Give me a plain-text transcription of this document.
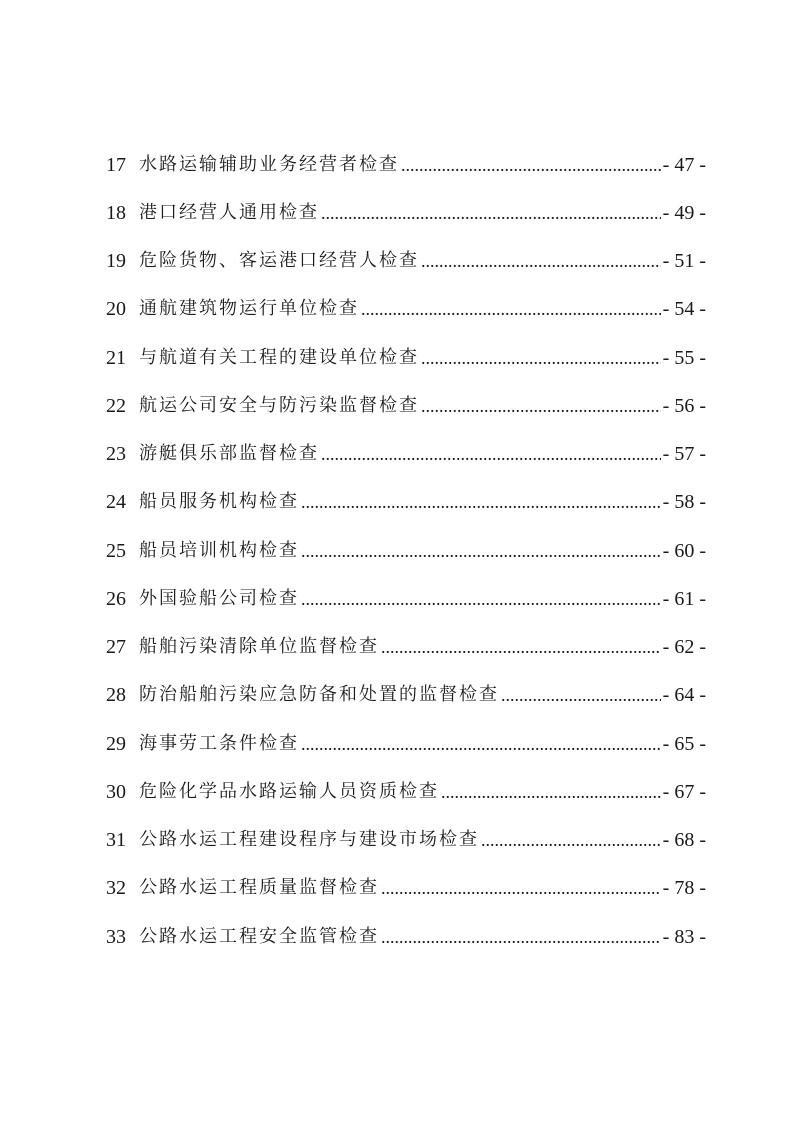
17 水路运输辅助业务经营者检查 .....	- 47 -
18 港口经营人通用检查 .....	- 49 -
19 危险货物、客运港口经营人检查 .....	- 51 -
20 通航建筑物运行单位检查 .....	- 54 -
21 与航道有关工程的建设单位检查 .....	- 55 -
22 航运公司安全与防污染监督检查 .....	- 56 -
23 游艇俱乐部监督检查 .....	- 57 -
24 船员服务机构检查 .....	- 58 -
25 船员培训机构检查 .....	- 60 -
26 外国验船公司检查 .....	- 61 -
27 船舶污染清除单位监督检查 .....	- 62 -
28 防治船舶污染应急防备和处置的监督检查 .....	- 64 -
29 海事劳工条件检查 .....	- 65 -
30 危险化学品水路运输人员资质检查 .....	- 67 -
31 公路水运工程建设程序与建设市场检查 .....	- 68 -
32 公路水运工程质量监督检查 .....	- 78 -
33 公路水运工程安全监管检查 .....	- 83 -
